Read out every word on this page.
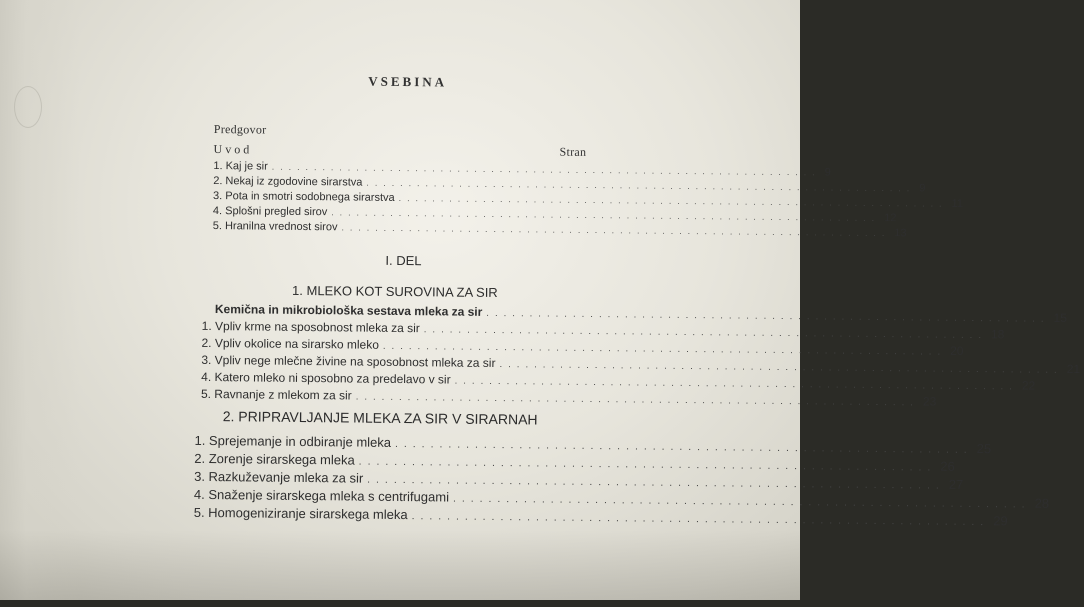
VSEBINA
Predgovor
Uvod	Stran
1. Kaj je sir ................................................................. 9
2. Nekaj iz zgodovine sirarstva ................................................................. 9
3. Pota in smotri sodobnega sirarstva ................................................................. 11
4. Splošni pregled sirov ................................................................. 12
5. Hranilna vrednost sirov ................................................................. 13
I. DEL
1. MLEKO KOT SUROVINA ZA SIR
Kemična in mikrobiološka sestava mleka za sir ................................................................. 15
1. Vpliv krme na sposobnost mleka za sir ................................................................. 18
2. Vpliv okolice na sirarsko mleko ................................................................. 20
3. Vpliv nege mlečne živine na sposobnost mleka za sir ................................................................. 21
4. Katero mleko ni sposobno za predelavo v sir ................................................................. 22
5. Ravnanje z mlekom za sir ................................................................. 23
2. PRIPRAVLJANJE MLEKA ZA SIR V SIRARNAH
1. Sprejemanje in odbiranje mleka ................................................................. 25
2. Zorenje sirarskega mleka ................................................................. 26
3. Razkuževanje mleka za sir ................................................................. 27
4. Snaženje sirarskega mleka s centrifugami ................................................................. 28
5. Homogeniziranje sirarskega mleka ................................................................. 29
